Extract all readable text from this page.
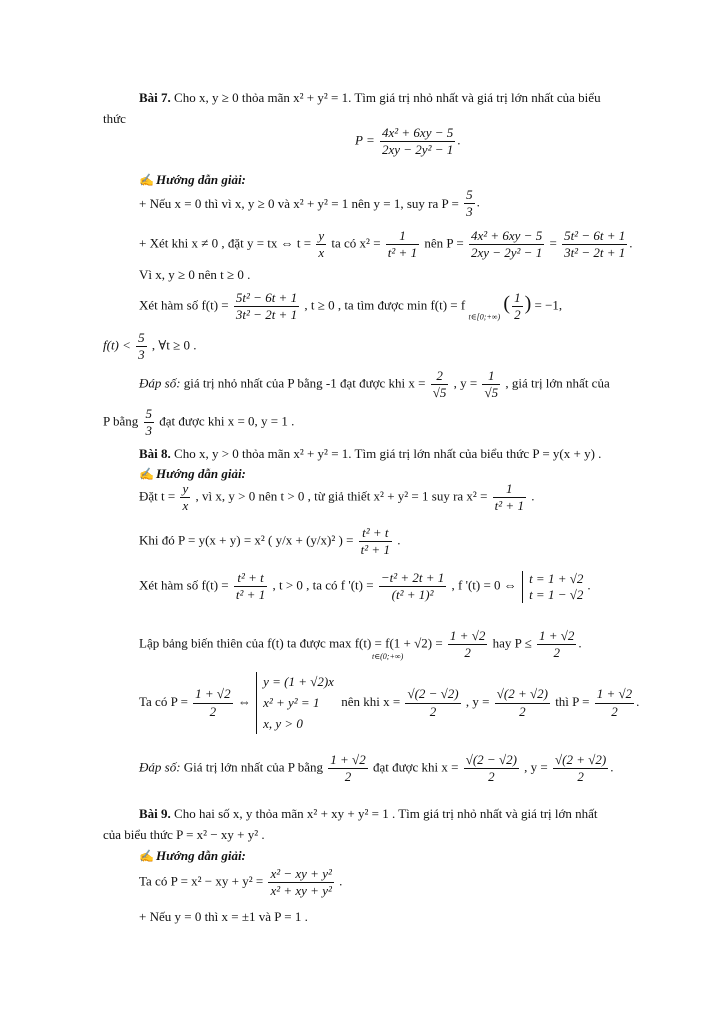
Bài 7. Cho x, y ≥ 0 thỏa mãn x² + y² = 1. Tìm giá trị nhỏ nhất và giá trị lớn nhất của biểu
thức
$P = \frac{\text{4x² + 6xy − 5}}{\text{2xy − 2y² − 1}}$ .
✍ Hướng dẫn giải:
+ Nếu x = 0 thì vì x, y ≥ 0 và x² + y² = 1 nên y = 1, suy ra $P = \frac{5}{3}$ .
+ Xét khi x ≠ 0 , đặt y = tx ⇔ $t = \frac{y}{x}$ ta có $x^2 = \frac{1}{\text{t² + 1}}$ nên $P = \frac{\text{4x² + 6xy − 5}}{\text{2xy − 2y² − 1}} = \frac{\text{5t² − 6t + 1}}{\text{3t² − 2t + 1}}$ .
Vì x, y ≥ 0 nên t ≥ 0 .
Xét hàm số $f(t) = \frac{\text{5t² − 6t + 1}}{\text{3t² − 2t + 1}}$ , t ≥ 0 , ta tìm được min f(t) = f $_{t\in[0;+\infty)}$ ( $\frac{1}{2}$ ) = −1,
$f(t) < \frac{5}{3}$ , ∀t ≥ 0 .
Đáp số: giá trị nhỏ nhất của P bằng -1 đạt được khi $x = \frac{2}{√5}$ , $y = \frac{1}{√5}$ , giá trị lớn nhất của
P bằng $\frac{5}{3}$ đạt được khi x = 0, y = 1 .
Bài 8. Cho x, y > 0 thỏa mãn x² + y² = 1. Tìm giá trị lớn nhất của biểu thức P = y(x + y) .
✍ Hướng dẫn giải:
Đặt $t = \frac{y}{x}$ , vì x, y > 0 nên t > 0 , từ giả thiết x² + y² = 1 suy ra $x^2 = \frac{1}{\text{t² + 1}}$ .
Khi đó P = y(x + y) = x² ( y/x + (y/x)² ) = $\frac{\text{t² + t}}{\text{t² + 1}}$ .
Xét hàm số $f(t) = \frac{\text{t² + t}}{\text{t² + 1}}$ , t > 0 , ta có f '$(t) = \frac{\text{−t² + 2t + 1}}{\text{(t² + 1)²}}$ , f '(t) = 0 ⇔ t = 1 + √2
t = 1 − √2
.
Lập bảng biến thiên của f(t) ta được $\max f(t) = f(1 + √2) = \frac{1 + √2}{2}$ hay $P \le \frac{1 + √2}{2}$ .
t∈(0;+∞)
Ta có $P = \frac{1 + √2}{2}$ ⇔
y = (1 + √2)x
x² + y² = 1
x, y > 0
nên khi $x = \frac{√(2 - √2)}{2}$ , $y = \frac{√(2 + √2)}{2}$ thì $P = \frac{1 + √2}{2}$ .
Đáp số: Giá trị lớn nhất của P bằng $\frac{1 + √2}{2}$ đạt được khi $x = \frac{√(2 - √2)}{2}$ , $y = \frac{√(2 + √2)}{2}$ .
Bài 9. Cho hai số x, y thỏa mãn x² + xy + y² = 1 . Tìm giá trị nhỏ nhất và giá trị lớn nhất
của biểu thức P = x² − xy + y² .
✍ Hướng dẫn giải:
Ta có P = x² − xy + $y^2 = \frac{\text{x² − xy + y²}}{\text{x² + xy + y²}}$ .
+ Nếu y = 0 thì x = ±1 và P = 1 .
